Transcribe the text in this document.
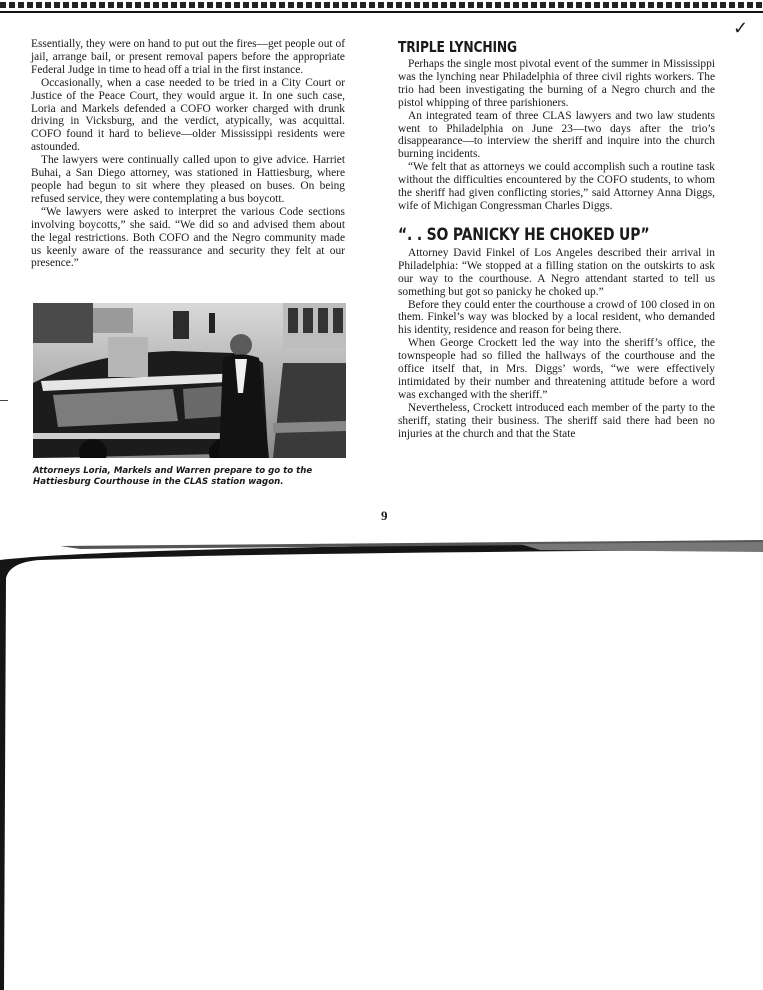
✓

Essentially, they were on hand to put out the fires—get people out of jail, arrange bail, or present removal papers before the appropriate Federal Judge in time to head off a trial in the first instance.

Occasionally, when a case needed to be tried in a City Court or Justice of the Peace Court, they would argue it. In one such case, Loria and Markels defended a COFO worker charged with drunk driving in Vicksburg, and the verdict, atypically, was acquittal. COFO found it hard to believe—older Mississippi residents were astounded.

The lawyers were continually called upon to give advice. Harriet Buhai, a San Diego attorney, was stationed in Hattiesburg, where people had begun to sit where they pleased on buses. On being refused service, they were contemplating a bus boycott.

“We lawyers were asked to interpret the various Code sections involving boycotts,” she said. “We did so and advised them about the legal restrictions. Both COFO and the Negro community made us keenly aware of the reassurance and security they felt at our presence.”

Attorneys Loria, Markels and Warren prepare to go to the Hattiesburg Courthouse in the CLAS station wagon.

TRIPLE LYNCHING

Perhaps the single most pivotal event of the summer in Mississippi was the lynching near Philadelphia of three civil rights workers. The trio had been investigating the burning of a Negro church and the pistol whipping of three parishioners.

An integrated team of three CLAS lawyers and two law students went to Philadelphia on June 23—two days after the trio’s disappearance—to interview the sheriff and inquire into the church burning incidents.

“We felt that as attorneys we could accomplish such a routine task without the difficulties encountered by the COFO students, to whom the sheriff had given conflicting stories,” said Attorney Anna Diggs, wife of Michigan Congressman Charles Diggs.

“. . SO PANICKY HE CHOKED UP”

Attorney David Finkel of Los Angeles described their arrival in Philadelphia: “We stopped at a filling station on the outskirts to ask our way to the courthouse. A Negro attendant started to tell us something but got so panicky he choked up.”

Before they could enter the courthouse a crowd of 100 closed in on them. Finkel’s way was blocked by a local resident, who demanded his identity, residence and reason for being there.

When George Crockett led the way into the sheriff’s office, the townspeople had so filled the hallways of the courthouse and the office itself that, in Mrs. Diggs’ words, “we were effectively intimidated by their number and threatening attitude before a word was exchanged with the sheriff.”

Nevertheless, Crockett introduced each member of the party to the sheriff, stating their business. The sheriff said there had been no injuries at the church and that the State

9
